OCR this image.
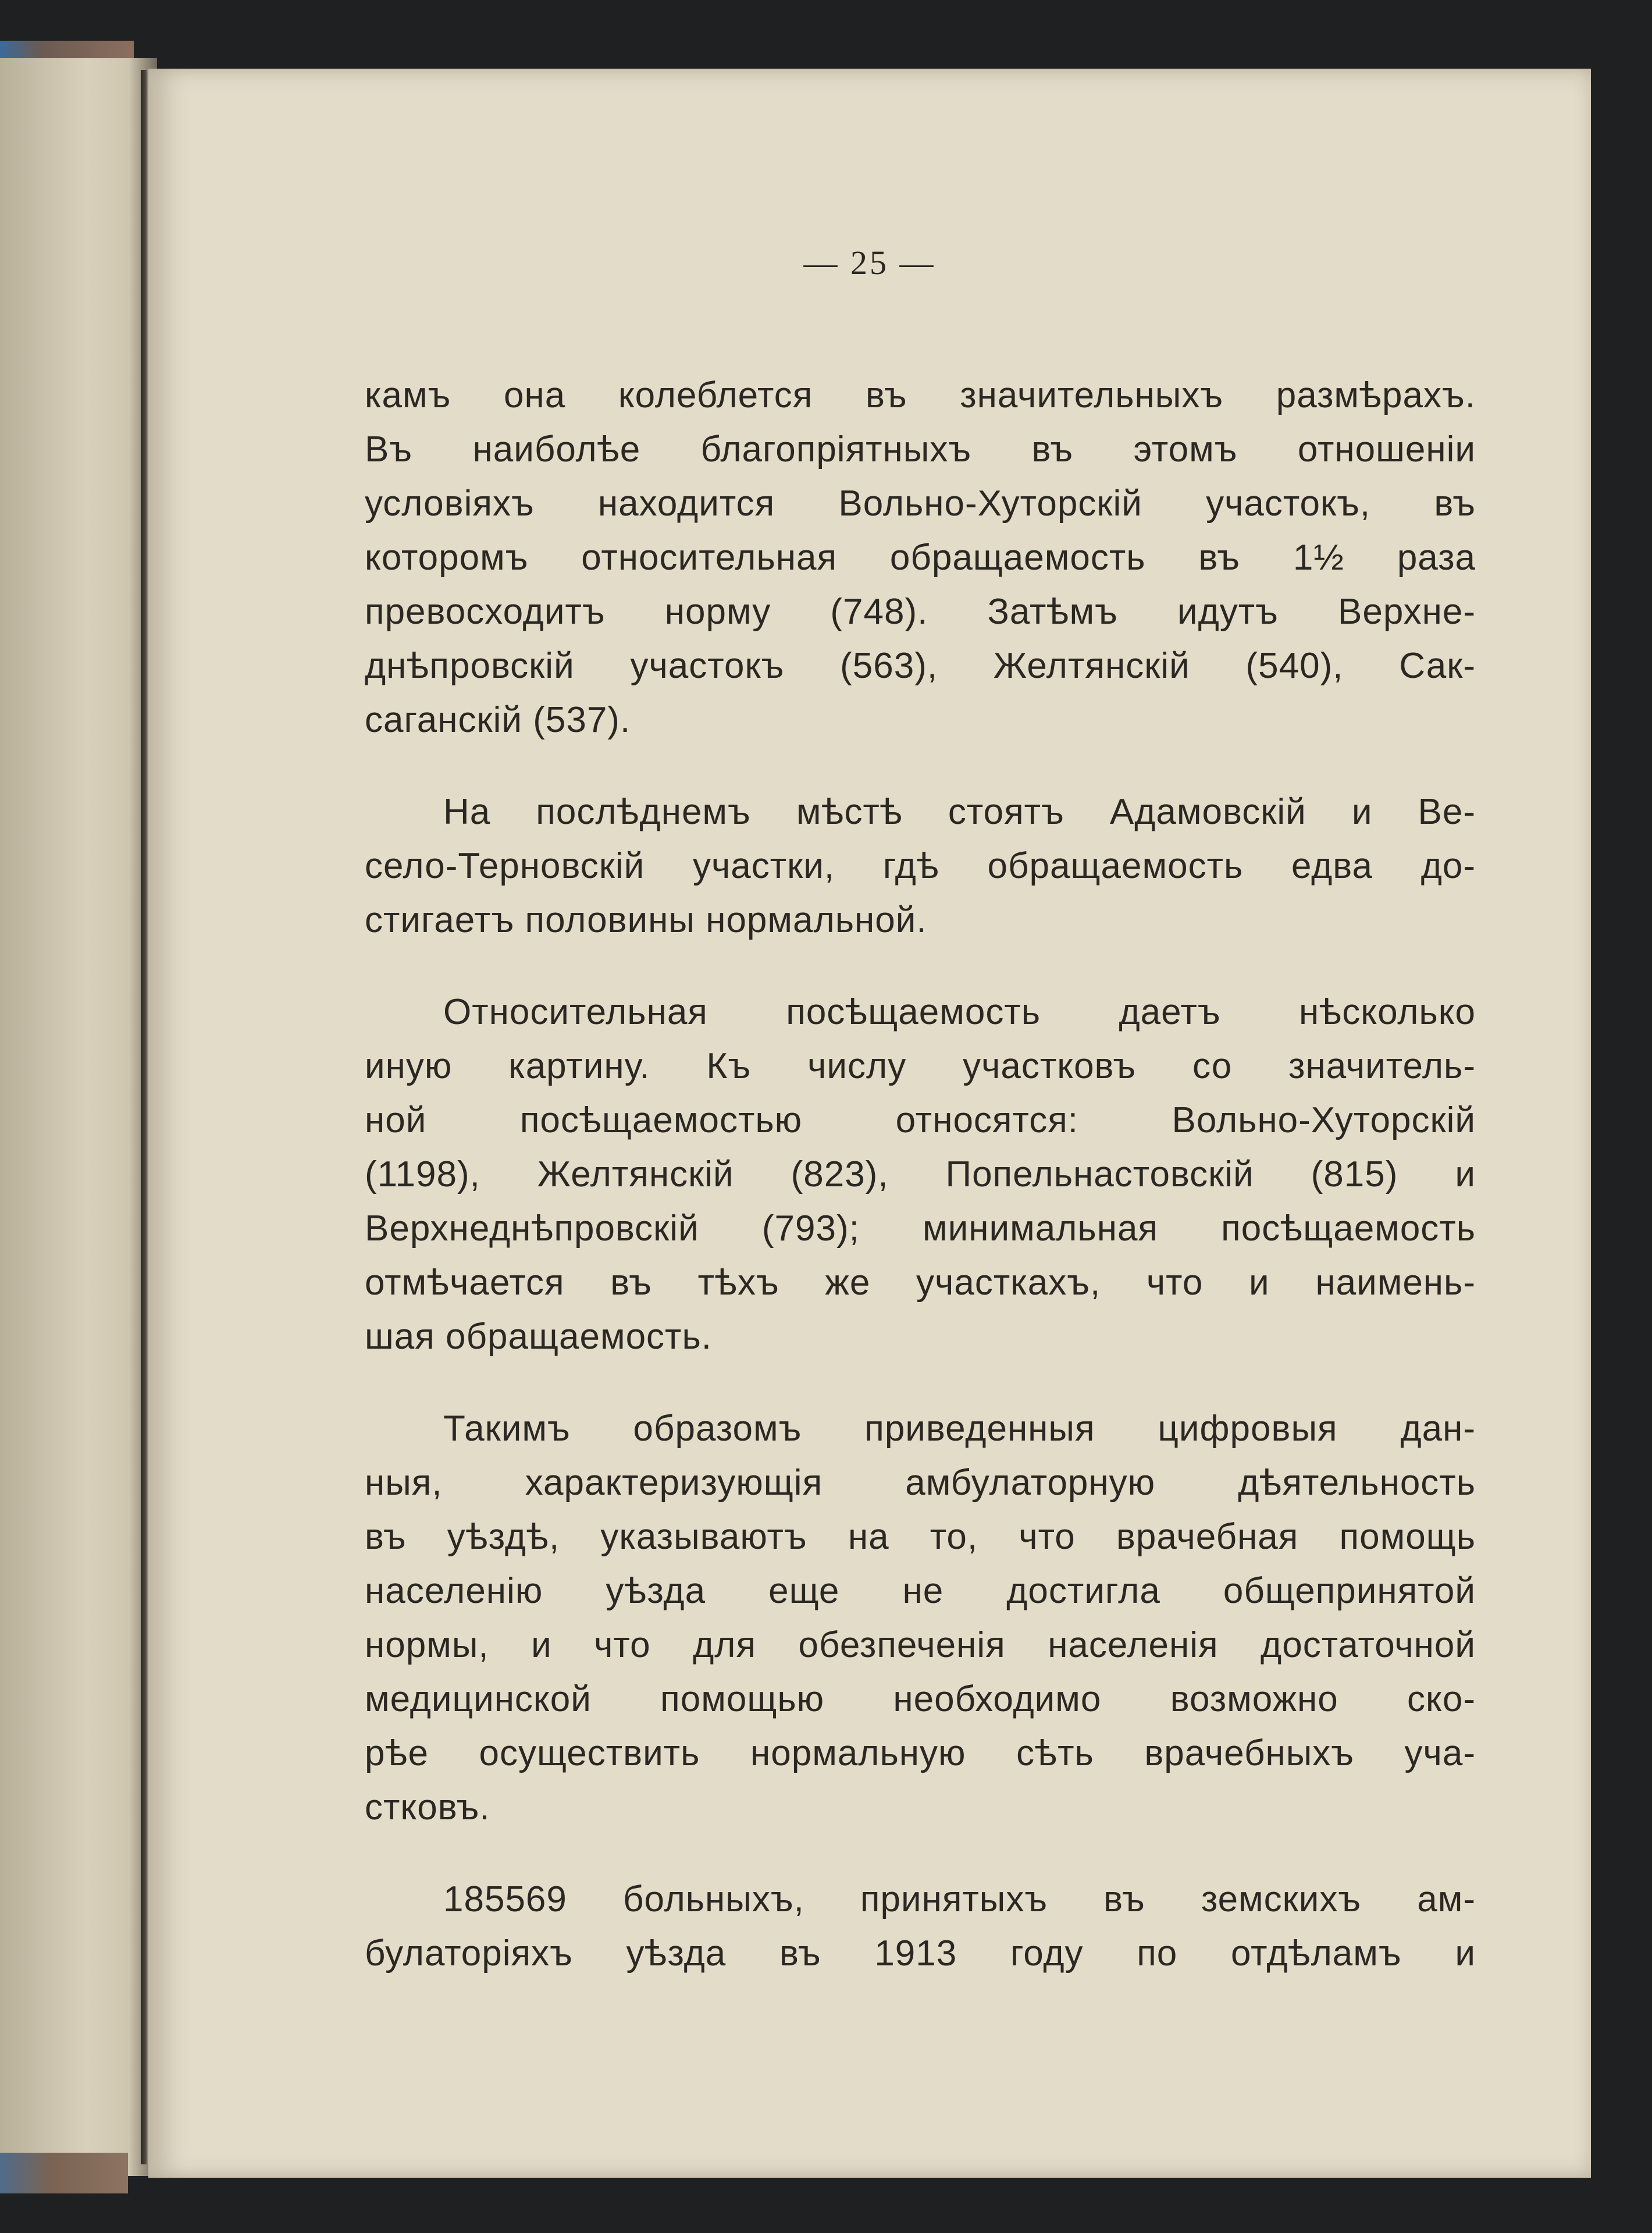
— 25 —

камъ она колеблется въ значительныхъ размѣрахъ.
Въ наиболѣе благопріятныхъ въ этомъ отношеніи
условіяхъ находится Вольно-Хуторскій участокъ, въ
которомъ относительная обращаемость въ 1½ раза
превосходитъ норму (748). Затѣмъ идутъ Верхне-
днѣпровскій участокъ (563), Желтянскій (540), Сак-
саганскій (537).

На послѣднемъ мѣстѣ стоятъ Адамовскій и Ве-
село-Терновскій участки, гдѣ обращаемость едва до-
стигаетъ половины нормальной.

Относительная посѣщаемость даетъ нѣсколько
иную картину. Къ числу участковъ со значитель-
ной посѣщаемостью относятся: Вольно-Хуторскій
(1198), Желтянскій (823), Попельнастовскій (815) и
Верхнеднѣпровскій (793); минимальная посѣщаемость
отмѣчается въ тѣхъ же участкахъ, что и наимень-
шая обращаемость.

Такимъ образомъ приведенныя цифровыя дан-
ныя, характеризующія амбулаторную дѣятельность
въ уѣздѣ, указываютъ на то, что врачебная помощь
населенію уѣзда еще не достигла общепринятой
нормы, и что для обезпеченія населенія достаточной
медицинской помощью необходимо возможно ско-
рѣе осуществить нормальную сѣть врачебныхъ уча-
стковъ.

185569 больныхъ, принятыхъ въ земскихъ ам-
булаторіяхъ уѣзда въ 1913 году по отдѣламъ и
